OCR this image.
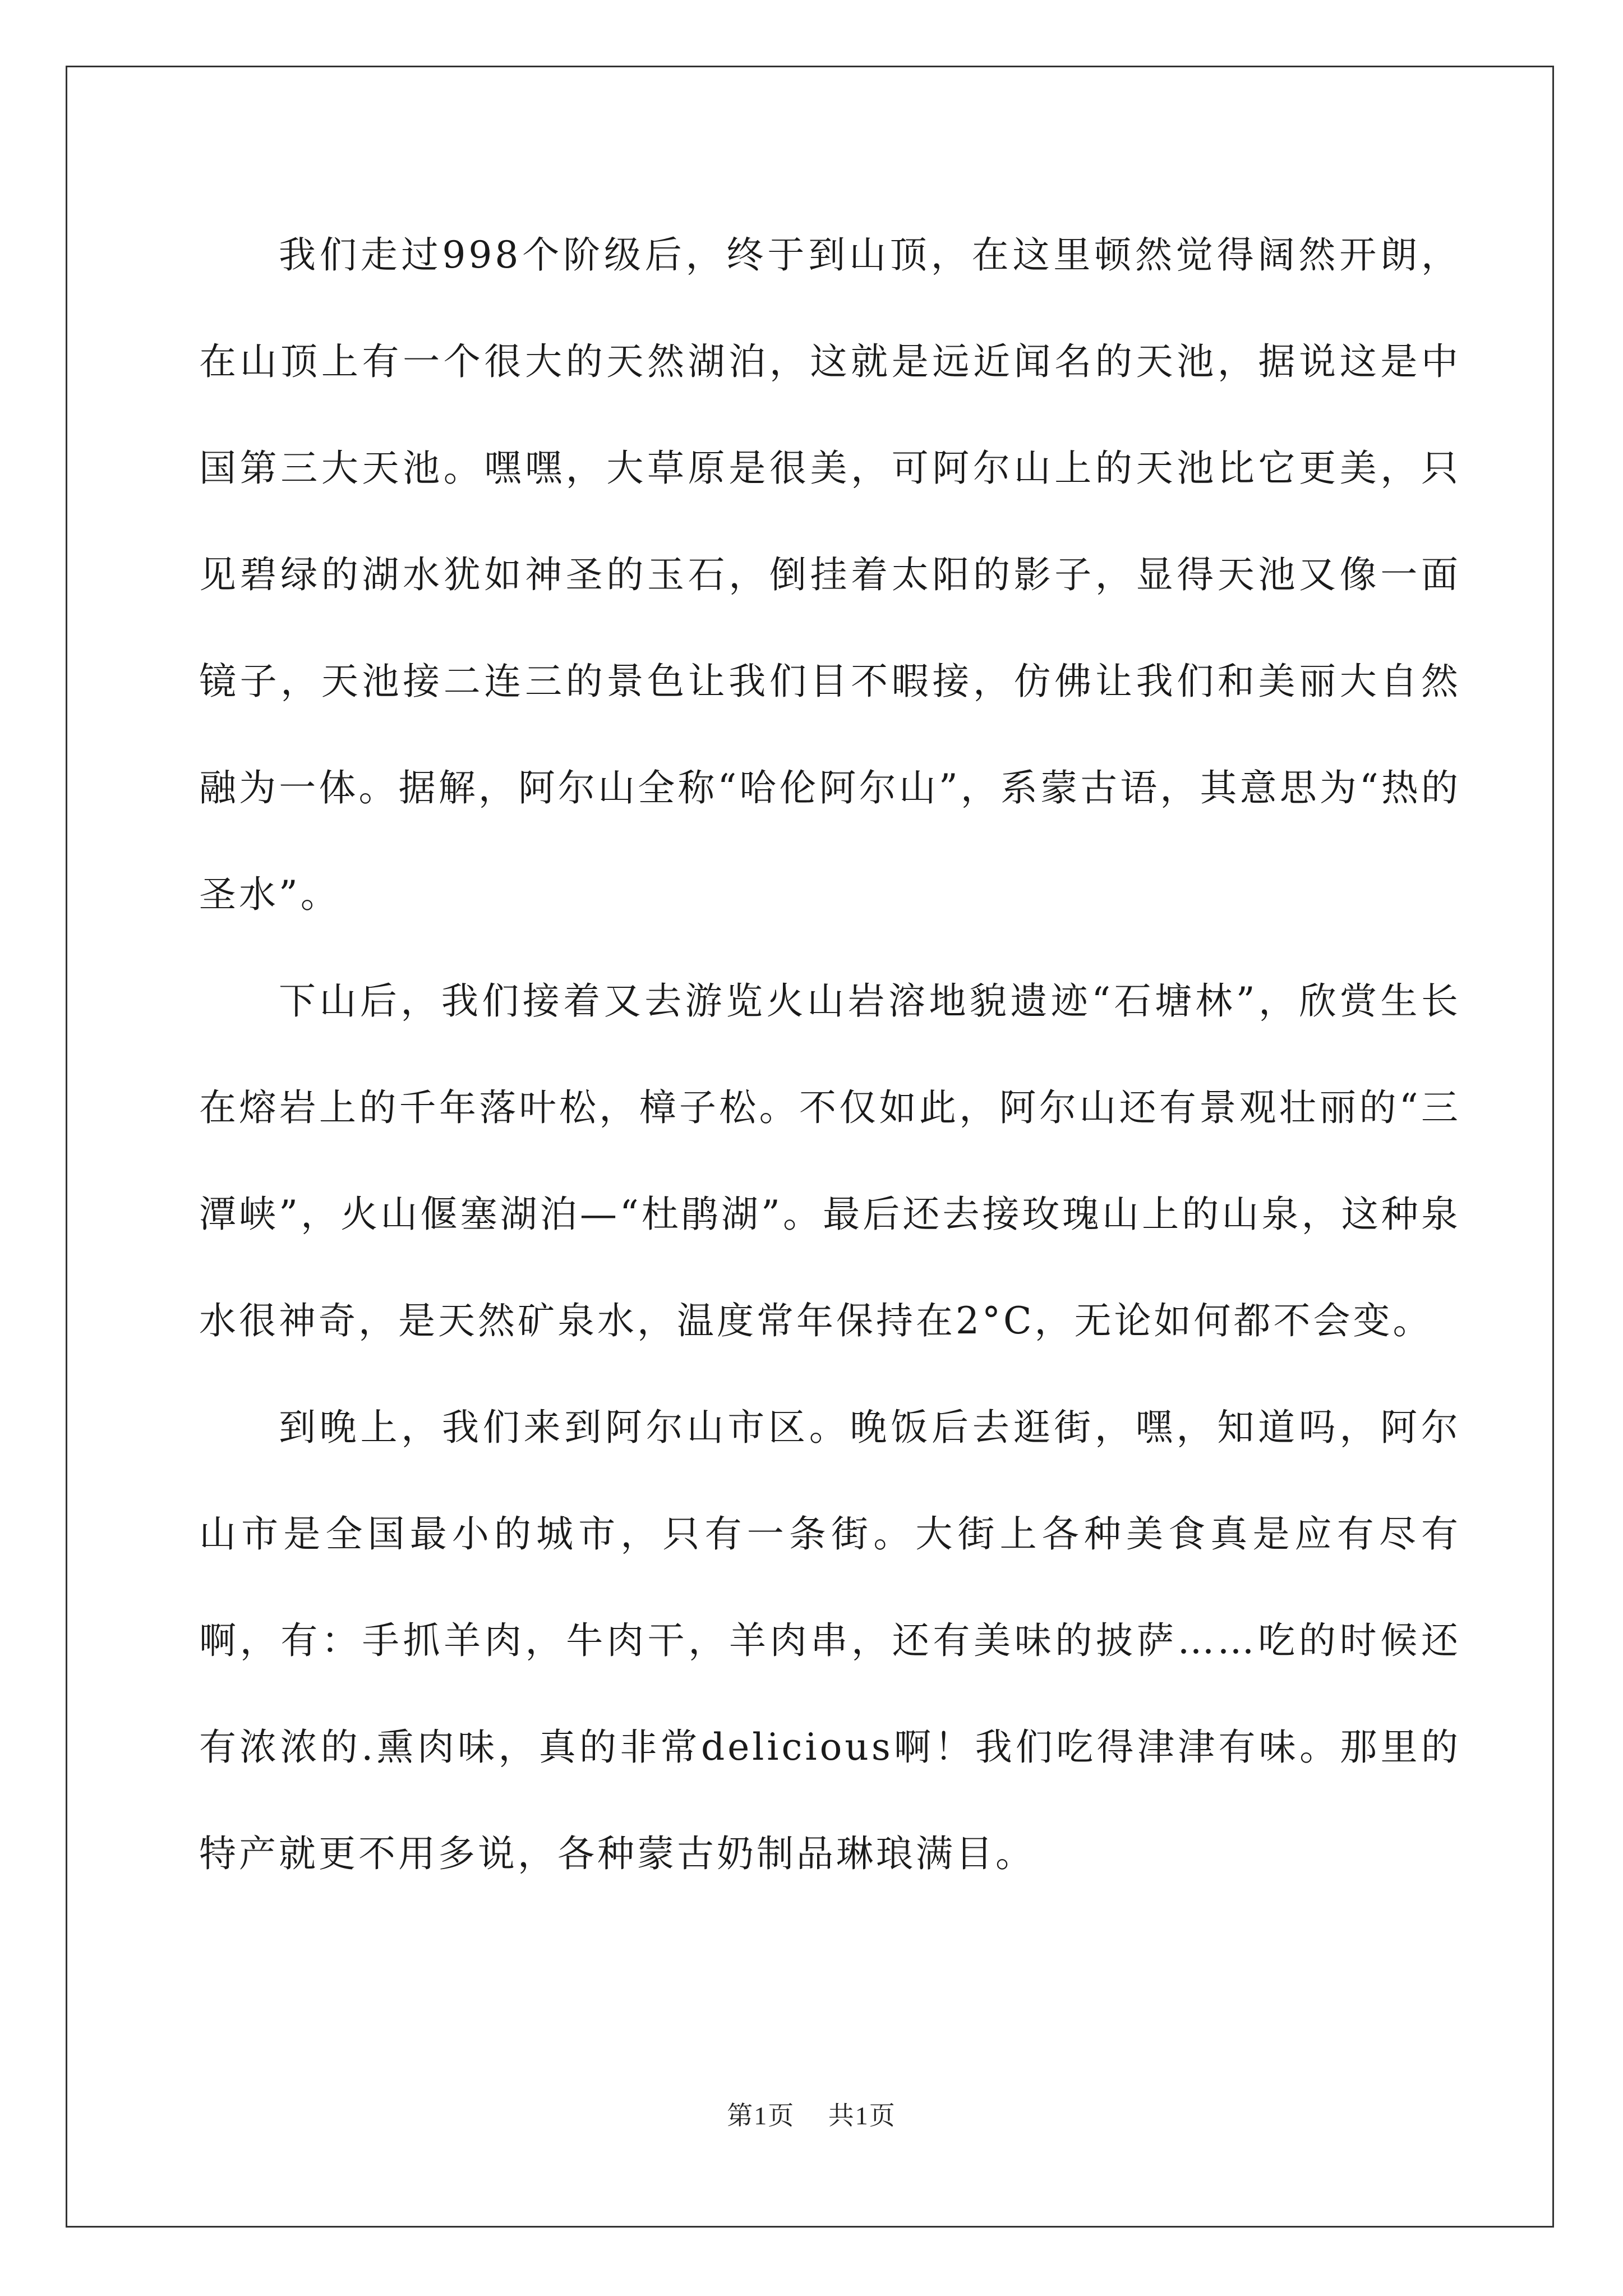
我们走过998个阶级后，终于到山顶，在这里顿然觉得阔然开朗，在山顶上有一个很大的天然湖泊，这就是远近闻名的天池，据说这是中国第三大天池。嘿嘿，大草原是很美，可阿尔山上的天池比它更美，只见碧绿的湖水犹如神圣的玉石，倒挂着太阳的影子，显得天池又像一面镜子，天池接二连三的景色让我们目不暇接，仿佛让我们和美丽大自然融为一体。据解，阿尔山全称“哈伦阿尔山”，系蒙古语，其意思为“热的圣水”。

下山后，我们接着又去游览火山岩溶地貌遗迹“石塘林”，欣赏生长在熔岩上的千年落叶松，樟子松。不仅如此，阿尔山还有景观壮丽的“三潭峡”，火山偃塞湖泊—“杜鹃湖”。最后还去接玫瑰山上的山泉，这种泉水很神奇，是天然矿泉水，温度常年保持在2°C，无论如何都不会变。

到晚上，我们来到阿尔山市区。晚饭后去逛街，嘿，知道吗，阿尔山市是全国最小的城市，只有一条街。大街上各种美食真是应有尽有啊，有：手抓羊肉，牛肉干，羊肉串，还有美味的披萨……吃的时候还有浓浓的.熏肉味，真的非常delicious啊！我们吃得津津有味。那里的特产就更不用多说，各种蒙古奶制品琳琅满目。

第1页 共1页
